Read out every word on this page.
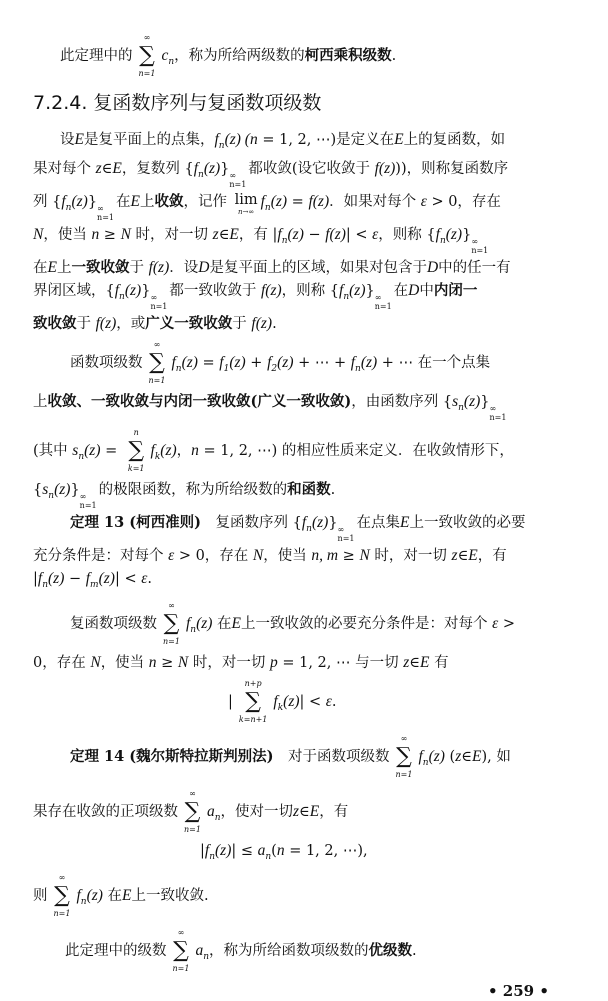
此定理中的
∞
∑
n=1
$c_n$，称为所给两级数的柯西乘积级数.
7.2.4. 复函数序列与复函数项级数
设E是复平面上的点集，$f_n(z) (n = 1$, 2, ⋯)是定义在E上的复函数，如
果对每个 z∈E，复数列 $\{f_n(z)\}$ ∞
n=1
都收敛(设它收敛于 f(z)))，则称复函数序
列 $\{f_n(z)\}$ ∞
n=1
在E上收敛，记作 lim
n→∞
$f_n(z) = f(z)$．如果对每个 ε > 0，存在
N，使当 n ≥ N 时，对一切 z∈E，有 $|f_n(z) - f(z)| < \varepsilon$，则称 $\{f_n(z)\}$ ∞
n=1
在E上一致收敛于 f(z)．设D是复平面上的区域，如果对包含于D中的任一有
界闭区域，$\{f_n(z)\}$ ∞
n=1
都一致收敛于 f(z)，则称 $\{f_n(z)\}$ ∞
n=1
在D中内闭一
致收敛于 f(z)，或广义一致收敛于 f(z).
函数项级数
∞
∑
n=1
$f_n(z) = f_1(z) + f_2(z)$ + ⋯ + $f_n(z)$ + ⋯ 在一个点集
上收敛、一致收敛与内闭一致收敛(广义一致收敛)，由函数序列 $\{s_n(z)\}$ ∞
n=1
(其中 $s_n(z)$ =
n
∑
k=1
$f_k(z)$，n = 1, 2, ⋯) 的相应性质来定义．在收敛情形下，
$\{s_n(z)\}$ ∞
n=1
的极限函数，称为所给级数的和函数.
定理 13 (柯西准则)　复函数序列 $\{f_n(z)\}$ ∞
n=1
在点集E上一致收敛的必要
充分条件是：对每个 ε > 0，存在 N，使当 n, m ≥ N 时，对一切 z∈E，有
$|f_n(z) - f_m(z)| < \varepsilon$.
复函数项级数
∞
∑
n=1
$f_n(z)$ 在E上一致收敛的必要充分条件是：对每个 ε >
0，存在 N，使当 n ≥ N 时，对一切 p = 1, 2, ⋯ 与一切 z∈E 有
|
n+p
∑
k=n+1
$f_k(z)| < \varepsilon$.
定理 14 (魏尔斯特拉斯判别法)　对于函数项级数
∞
∑
n=1
$f_n(z)$ (z∈E), 如
果存在收敛的正项级数
∞
∑
n=1
$a_n$，使对一切z∈E，有
$|f_n(z)| \le a_n(n = 1$, 2, ⋯),
则
∞
∑
n=1
$f_n(z)$ 在E上一致收敛.
此定理中的级数
∞
∑
n=1
$a_n$，称为所给函数项级数的优级数.
• 259 •
